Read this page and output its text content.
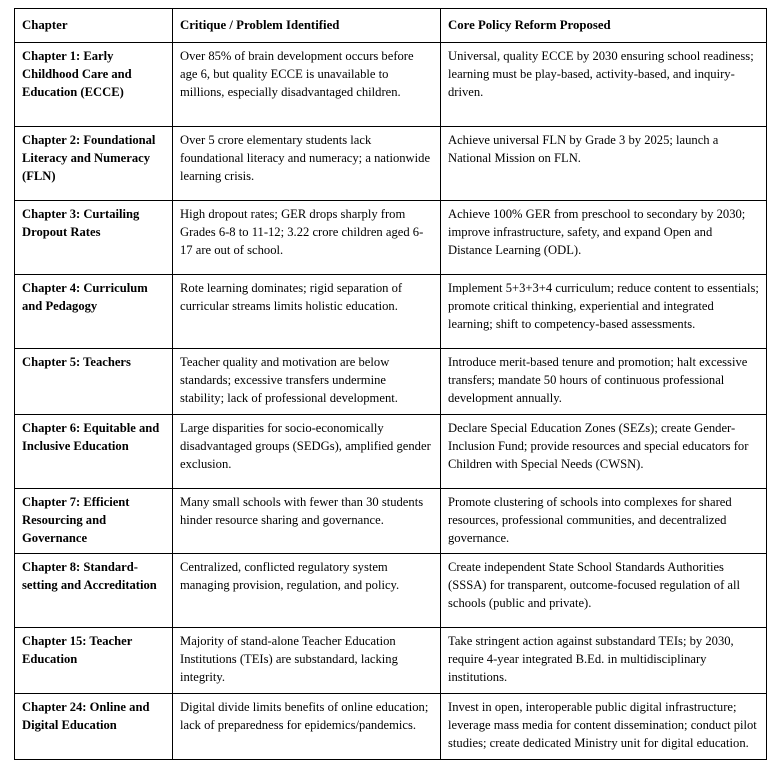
Chapter	Critique / Problem Identified	Core Policy Reform Proposed
Chapter 1: Early Childhood Care and Education (ECCE)	Over 85% of brain development occurs before age 6, but quality ECCE is unavailable to millions, especially disadvantaged children.	Universal, quality ECCE by 2030 ensuring school readiness; learning must be play-based, activity-based, and inquiry-driven.
Chapter 2: Foundational Literacy and Numeracy (FLN)	Over 5 crore elementary students lack foundational literacy and numeracy; a nationwide learning crisis.	Achieve universal FLN by Grade 3 by 2025; launch a National Mission on FLN.
Chapter 3: Curtailing Dropout Rates	High dropout rates; GER drops sharply from Grades 6-8 to 11-12; 3.22 crore children aged 6-17 are out of school.	Achieve 100% GER from preschool to secondary by 2030; improve infrastructure, safety, and expand Open and Distance Learning (ODL).
Chapter 4: Curriculum and Pedagogy	Rote learning dominates; rigid separation of curricular streams limits holistic education.	Implement 5+3+3+4 curriculum; reduce content to essentials; promote critical thinking, experiential and integrated learning; shift to competency-based assessments.
Chapter 5: Teachers	Teacher quality and motivation are below standards; excessive transfers undermine stability; lack of professional development.	Introduce merit-based tenure and promotion; halt excessive transfers; mandate 50 hours of continuous professional development annually.
Chapter 6: Equitable and Inclusive Education	Large disparities for socio-economically disadvantaged groups (SEDGs), amplified gender exclusion.	Declare Special Education Zones (SEZs); create Gender-Inclusion Fund; provide resources and special educators for Children with Special Needs (CWSN).
Chapter 7: Efficient Resourcing and Governance	Many small schools with fewer than 30 students hinder resource sharing and governance.	Promote clustering of schools into complexes for shared resources, professional communities, and decentralized governance.
Chapter 8: Standard-setting and Accreditation	Centralized, conflicted regulatory system managing provision, regulation, and policy.	Create independent State School Standards Authorities (SSSA) for transparent, outcome-focused regulation of all schools (public and private).
Chapter 15: Teacher Education	Majority of stand-alone Teacher Education Institutions (TEIs) are substandard, lacking integrity.	Take stringent action against substandard TEIs; by 2030, require 4-year integrated B.Ed. in multidisciplinary institutions.
Chapter 24: Online and Digital Education	Digital divide limits benefits of online education; lack of preparedness for epidemics/pandemics.	Invest in open, interoperable public digital infrastructure; leverage mass media for content dissemination; conduct pilot studies; create dedicated Ministry unit for digital education.
